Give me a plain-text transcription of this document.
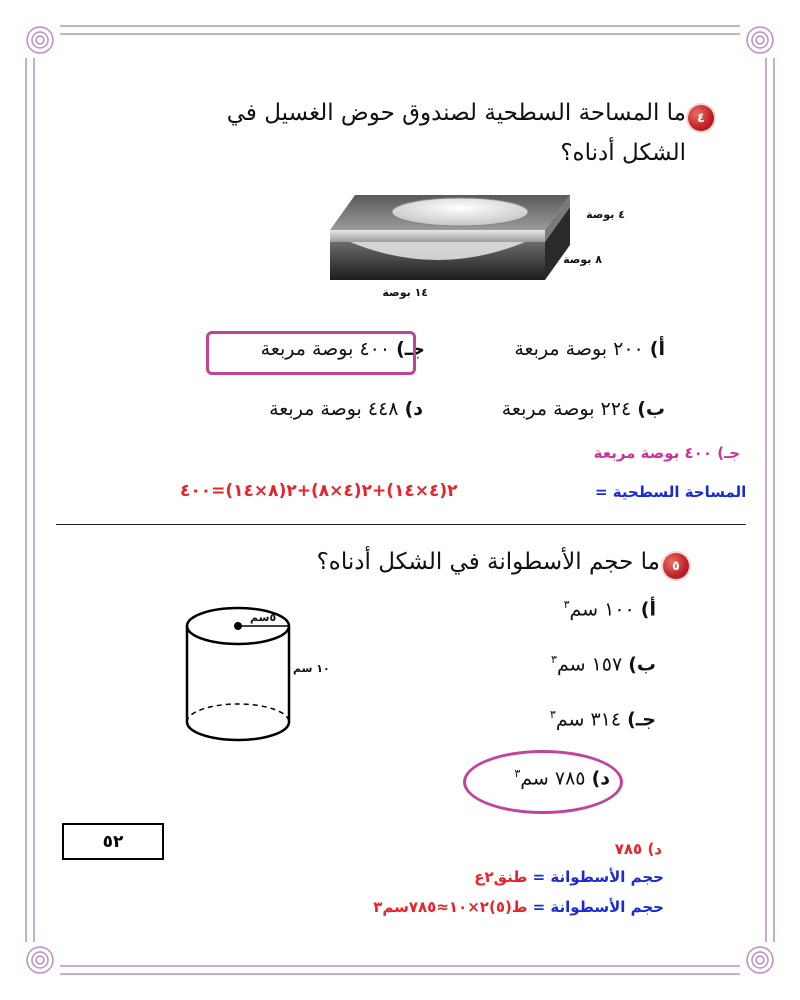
٤
ما المساحة السطحية لصندوق حوض الغسيل في
الشكل أدناه؟
٤ بوصة
٨ بوصة
١٤ بوصة
أ) ٢٠٠ بوصة مربعة
جـ) ٤٠٠ بوصة مربعة
ب) ٢٢٤ بوصة مربعة
د) ٤٤٨ بوصة مربعة
جـ) ٤٠٠ بوصة مربعة
المساحة السطحية =
٢(٤×١٤)+٢(٤×٨)+٢(٨×١٤)=٤٠٠
٥
ما حجم الأسطوانة في الشكل أدناه؟
٥سم
١٠ سم
أ) ١٠٠ سم$^٣$
ب) ١٥٧ سم$^٣$
جـ) ٣١٤ سم$^٣$
د) ٧٨٥ سم$^٣$
د) ٧٨٥
حجم الأسطوانة = طنق٢ع
حجم الأسطوانة = ط(٥)٢×١٠≈٧٨٥سم٣
٥٢
